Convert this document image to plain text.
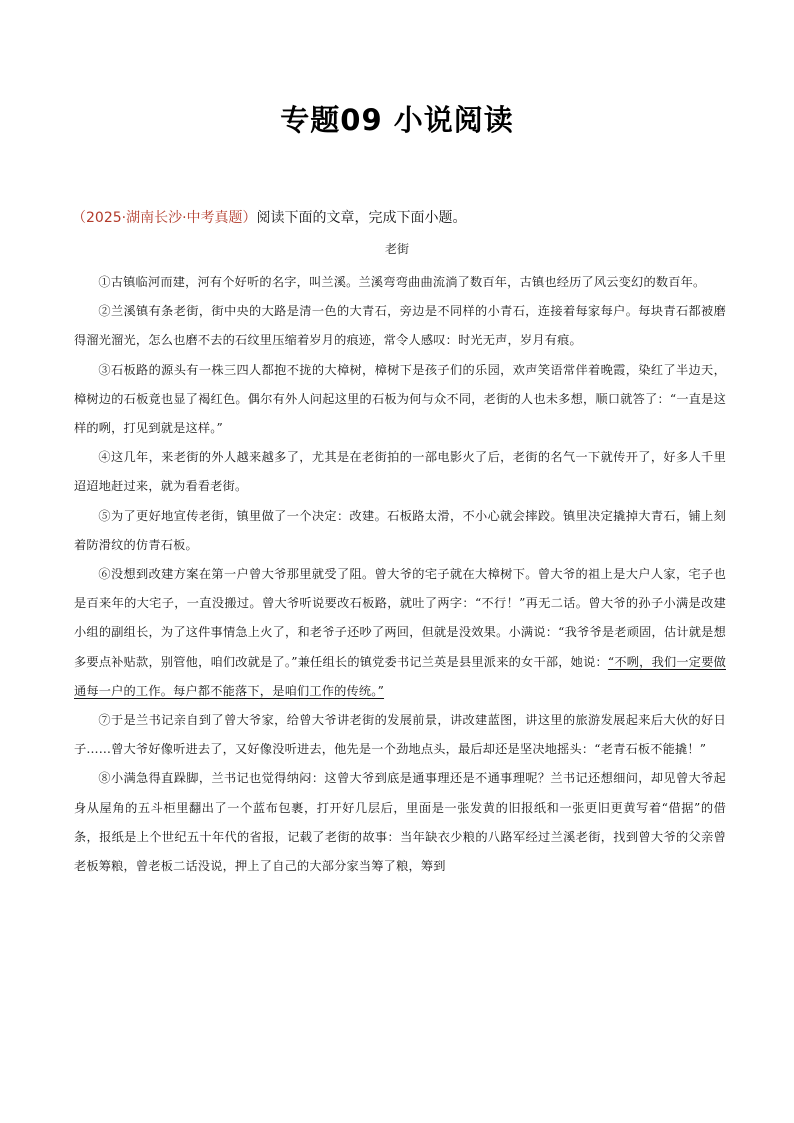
专题09 小说阅读
（2025·湖南长沙·中考真题）阅读下面的文章，完成下面小题。
老街

①古镇临河而建，河有个好听的名字，叫兰溪。兰溪弯弯曲曲流淌了数百年，古镇也经历了风云变幻的数百年。

②兰溪镇有条老街，街中央的大路是清一色的大青石，旁边是不同样的小青石，连接着每家每户。每块青石都被磨得溜光溜光，怎么也磨不去的石纹里压缩着岁月的痕迹，常令人感叹：时光无声，岁月有痕。

③石板路的源头有一株三四人都抱不拢的大樟树，樟树下是孩子们的乐园，欢声笑语常伴着晚霞，染红了半边天，樟树边的石板竟也显了褐红色。偶尔有外人问起这里的石板为何与众不同，老街的人也未多想，顺口就答了：“一直是这样的咧，打见到就是这样。”

④这几年，来老街的外人越来越多了，尤其是在老街拍的一部电影火了后，老街的名气一下就传开了，好多人千里迢迢地赶过来，就为看看老街。

⑤为了更好地宣传老街，镇里做了一个决定：改建。石板路太滑，不小心就会摔跤。镇里决定撬掉大青石，铺上刻着防滑纹的仿青石板。

⑥没想到改建方案在第一户曾大爷那里就受了阻。曾大爷的宅子就在大樟树下。曾大爷的祖上是大户人家，宅子也是百来年的大宅子，一直没搬过。曾大爷听说要改石板路，就吐了两字：“不行！”再无二话。曾大爷的孙子小满是改建小组的副组长，为了这件事情急上火了，和老爷子还吵了两回，但就是没效果。小满说：“我爷爷是老顽固，估计就是想多要点补贴款，别管他，咱们改就是了。”兼任组长的镇党委书记兰英是县里派来的女干部，她说：“不咧，我们一定要做通每一户的工作。每户都不能落下，是咱们工作的传统。”

⑦于是兰书记亲自到了曾大爷家，给曾大爷讲老街的发展前景，讲改建蓝图，讲这里的旅游发展起来后大伙的好日子……曾大爷好像听进去了，又好像没听进去，他先是一个劲地点头，最后却还是坚决地摇头：“老青石板不能撬！”

⑧小满急得直跺脚，兰书记也觉得纳闷：这曾大爷到底是通事理还是不通事理呢？兰书记还想细问，却见曾大爷起身从屋角的五斗柜里翻出了一个蓝布包裹，打开好几层后，里面是一张发黄的旧报纸和一张更旧更黄写着“借据”的借条，报纸是上个世纪五十年代的省报，记载了老街的故事：当年缺衣少粮的八路军经过兰溪老街，找到曾大爷的父亲曾老板筹粮，曾老板二话没说，押上了自己的大部分家当筹了粮，筹到
